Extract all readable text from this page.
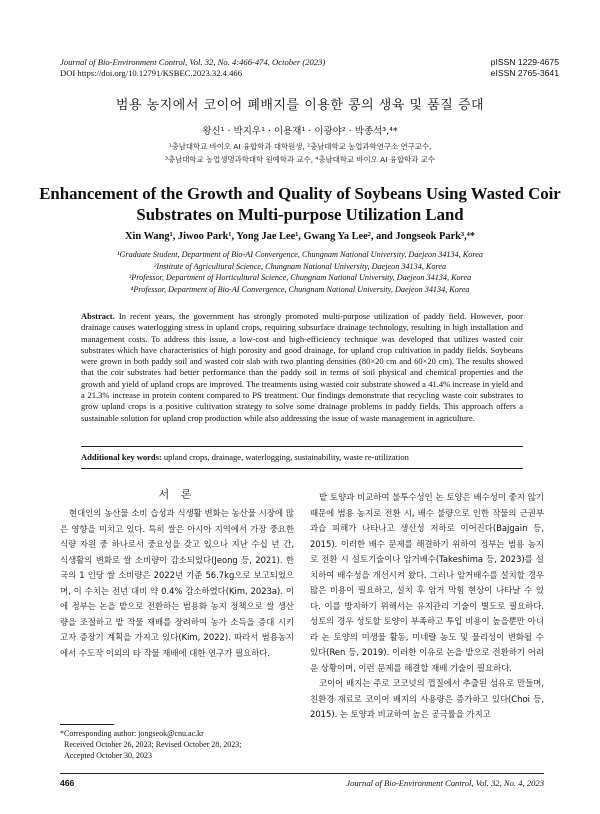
Journal of Bio-Environment Control, Vol. 32, No. 4:466-474, October (2023)
DOI https://doi.org/10.12791/KSBEC.2023.32.4.466
pISSN 1229-4675
eISSN 2765-3641
범용 농지에서 코이어 폐배지를 이용한 콩의 생육 및 품질 증대
왕신¹ · 박지우¹ · 이용재¹ · 이광야² · 박종석³,⁴*
¹충남대학교 바이오 AI 융합학과 대학원생, ²충남대학교 농업과학연구소 연구교수,
³충남대학교 농업생명과학대학 원예학과 교수, ⁴충남대학교 바이오 AI 융합학과 교수
Enhancement of the Growth and Quality of Soybeans Using Wasted Coir
Substrates on Multi-purpose Utilization Land
Xin Wang¹, Jiwoo Park¹, Yong Jae Lee¹, Gwang Ya Lee², and Jongseok Park³,⁴*
¹Graduate Student, Department of Bio-AI Convergence, Chungnam National University, Daejeon 34134, Korea
²Institute of Agricultural Science, Chungnam National University, Daejeon 34134, Korea
³Professor, Department of Horticultural Science, Chungnam National University, Daejeon 34134, Korea
⁴Professor, Department of Bio-AI Convergence, Chungnam National University, Daejeon 34134, Korea
Abstract. In recent years, the government has strongly promoted multi-purpose utilization of paddy field. However, poor drainage causes waterlogging stress in upland crops, requiring subsurface drainage technology, resulting in high installation and management costs. To address this issue, a low-cost and high-efficiency technique was developed that utilizes wasted coir substrates which have characteristics of high porosity and good drainage, for upland crop cultivation in paddy fields. Soybeans were grown in both paddy soil and wasted coir slab with two planting densities (80×20 cm and 60×20 cm). The results showed that the coir substrates had better performance than the paddy soil in terms of soil physical and chemical properties and the growth and yield of upland crops are improved. The treatments using wasted coir substrate showed a 41.4% increase in yield and a 21.3% increase in protein content compared to PS treatment. Our findings demonstrate that recycling waste coir substrates to grow upland crops is a positive cultivation strategy to solve some drainage problems in paddy fields. This approach offers a sustainable solution for upland crop production while also addressing the issue of waste management in agriculture.
Additional key words: upland crops, drainage, waterlogging, sustainability, waste re-utilization
서 론

현대인의 농산물 소비 습성과 식생활 변화는 농산물 시장에 많은 영향을 미치고 있다. 특히 쌀은 아시아 지역에서 가장 중요한 식량 자원 중 하나로서 중요성을 갖고 있으나 지난 수십 년 간, 식생활의 변화로 쌀 소비량이 감소되었다(Jeong 등, 2021). 한국의 1 인당 쌀 소비량은 2022년 기준 56.7kg으로 보고되었으며, 이 수치는 전년 대비 약 0.4% 감소하였다(Kim, 2023a). 이에 정부는 논을 밭으로 전환하는 범용화 농지 정책으로 쌀 생산량을 조절하고 밭 작물 재배를 장려하여 농가 소득을 증대 시키고자 증장기 계획을 가지고 있다(Kim, 2022). 따라서 범용농지에서 수도작 이외의 타 작물 재배에 대한 연구가 필요하다.

밭 토양과 비교하여 불투수성인 논 토양은 배수성이 좋지 않기 때문에 범용 농지로 전환 시, 배수 불량으로 인한 작물의 근권부 과습 피해가 나타나고 생산성 저하로 이어진다(Bajgain 등, 2015). 이러한 배수 문제를 해결하기 위하여 정부는 범용 농지로 전환 시 설토기술이나 암거배수(Takeshima 등, 2023)를 설치하여 배수성을 개선시켜 왔다. 그러나 암거배수를 설치할 경우 많은 비용이 필요하고, 설치 후 암거 막힘 현상이 나타날 수 있다. 이를 방지하기 위해서는 유지관리 기술이 별도로 필요하다. 성토의 경우 성토할 토양이 부족하고 투입 비용이 높을뿐만 아니라 논 토양의 미생물 활동, 미네랄 농도 및 물리성이 변화될 수 있다(Ren 등, 2019). 이러한 이유로 논을 밭으로 전환하기 어려운 상황이며, 이런 문제를 해결할 재배 기술이 필요하다.

코이어 배지는 주로 코코넛의 껍질에서 추출된 섬유로 만들며, 친환경 재료로 코이어 배지의 사용량은 증가하고 있다(Choi 등, 2015). 논 토양과 비교하여 높은 공극률을 가지고

*Corresponding author: jongseok@cnu.ac.kr
Received October 26, 2023; Revised October 28, 2023;
Accepted October 30, 2023
466	Journal of Bio-Environment Control, Vol. 32, No. 4, 2023
